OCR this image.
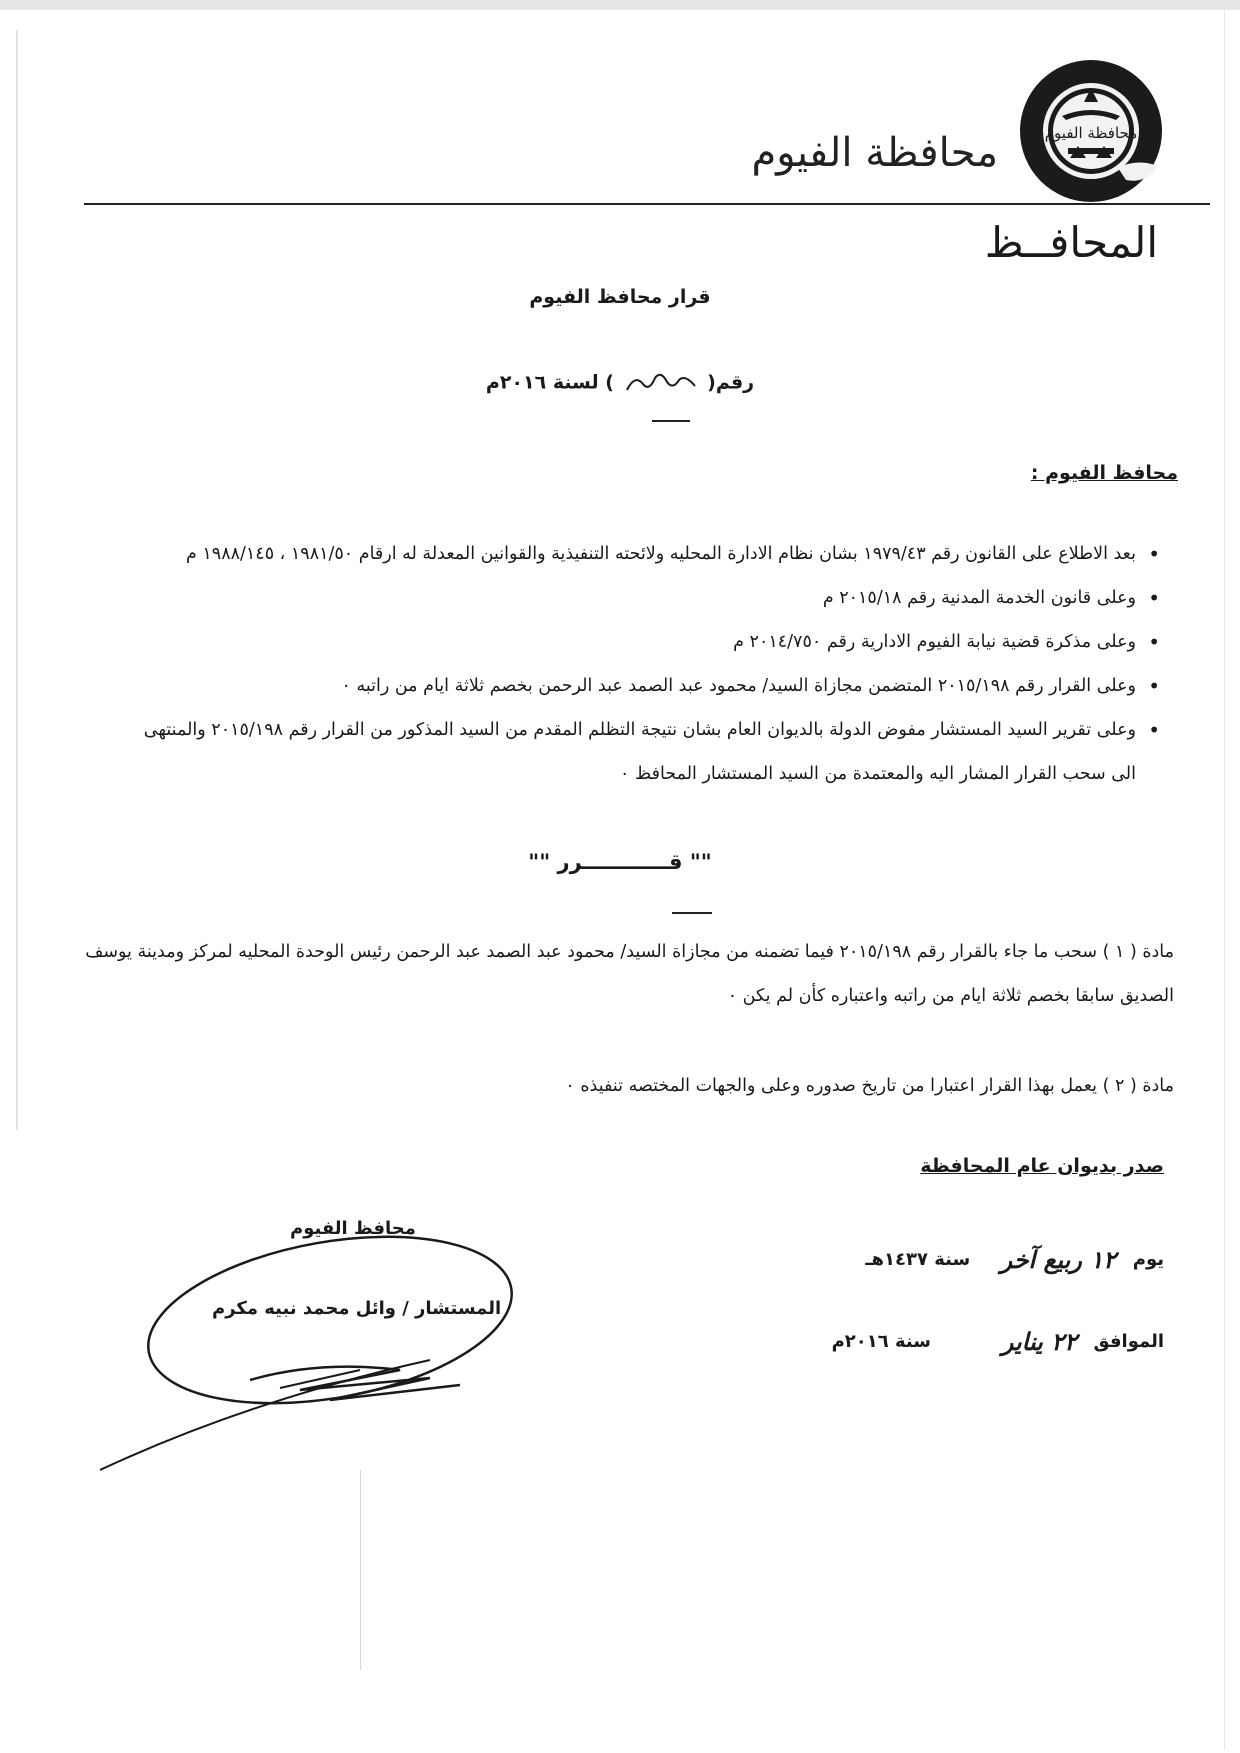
محافظة الفيوم
محافظة الفيوم
المحافــظ
قرار محافظ الفيوم
رقم(  ) لسنة ٢٠١٦م
محافظ الفيوم :
• بعد الاطلاع على القانون رقم ١٩٧٩/٤٣ بشان نظام الادارة المحليه ولائحته التنفيذية والقوانين المعدلة له ارقام ١٩٨١/٥٠ ، ١٩٨٨/١٤٥ م
• وعلى قانون الخدمة المدنية رقم ٢٠١٥/١٨ م
• وعلى مذكرة قضية نيابة الفيوم الادارية رقم ٢٠١٤/٧٥٠ م
• وعلى القرار رقم ٢٠١٥/١٩٨ المتضمن مجازاة السيد/ محمود عبد الصمد عبد الرحمن بخصم ثلاثة ايام من راتبه ٠
• وعلى تقرير السيد المستشار مفوض الدولة بالديوان العام بشان نتيجة التظلم المقدم من السيد المذكور من القرار رقم ٢٠١٥/١٩٨ والمنتهى الى سحب القرار المشار اليه والمعتمدة من السيد المستشار المحافظ ٠
"" قــــــــــــرر ""
مادة ( ١ ) سحب ما جاء بالقرار رقم ٢٠١٥/١٩٨ فيما تضمنه من مجازاة السيد/ محمود عبد الصمد عبد الرحمن رئيس الوحدة المحليه لمركز ومدينة يوسف الصديق سابقا بخصم ثلاثة ايام من راتبه واعتباره كأن لم يكن ٠
مادة ( ٢ ) يعمل بهذا القرار اعتبارا من تاريخ صدوره وعلى والجهات المختصه تنفيذه ٠
صدر بديوان عام المحافظة
يوم
١٢ ربيع آخر
سنة ١٤٣٧هـ
الموافق
٢٢ يناير
سنة ٢٠١٦م
محافظ الفيوم
المستشار / وائل محمد نبيه مكرم
